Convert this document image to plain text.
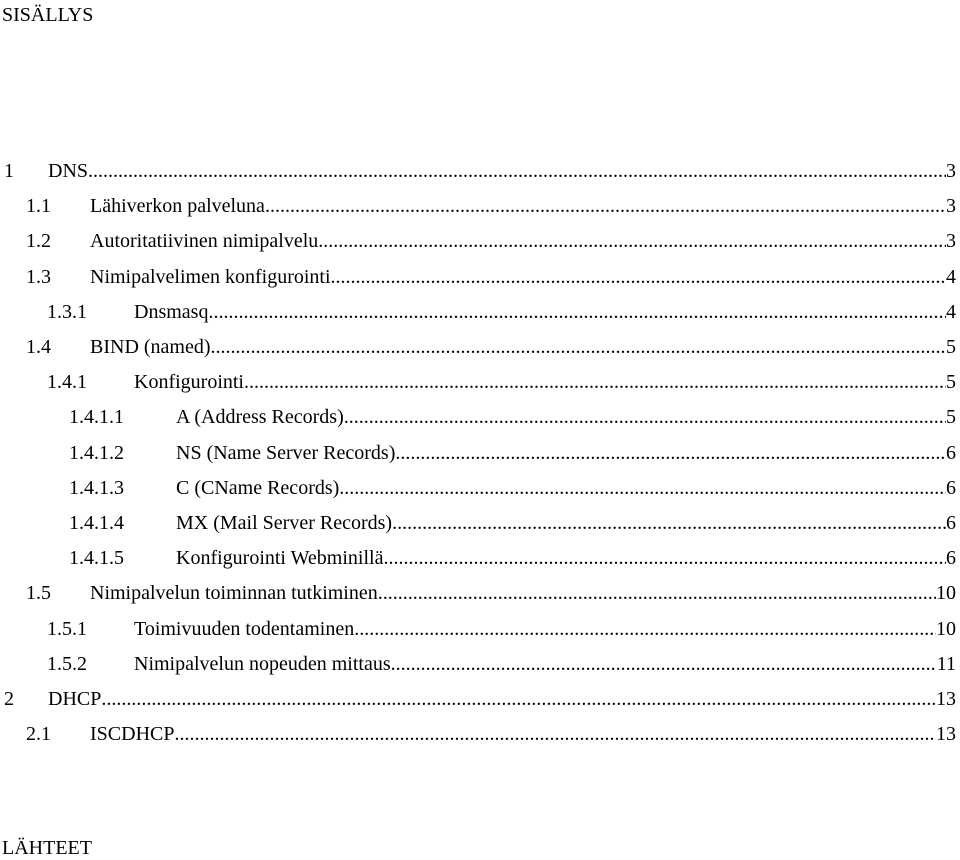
SISÄLLYS
1 DNS .....	3
1.1 Lähiverkon palveluna .....	3
1.2 Autoritatiivinen nimipalvelu .....	3
1.3 Nimipalvelimen konfigurointi .....	4
1.3.1 Dnsmasq .....	4
1.4 BIND (named) .....	5
1.4.1 Konfigurointi .....	5
1.4.1.1	A (Address Records) .....	5
1.4.1.2	NS (Name Server Records) .....	6
1.4.1.3	C (CName Records) .....	6
1.4.1.4	MX (Mail Server Records) .....	6
1.4.1.5	Konfigurointi Webminillä .....	6
1.5 Nimipalvelun toiminnan tutkiminen .....	10
1.5.1 Toimivuuden todentaminen .....	10
1.5.2 Nimipalvelun nopeuden mittaus .....	11
2 DHCP .....	13
2.1 ISCDHCP .....	13
LÄHTEET
